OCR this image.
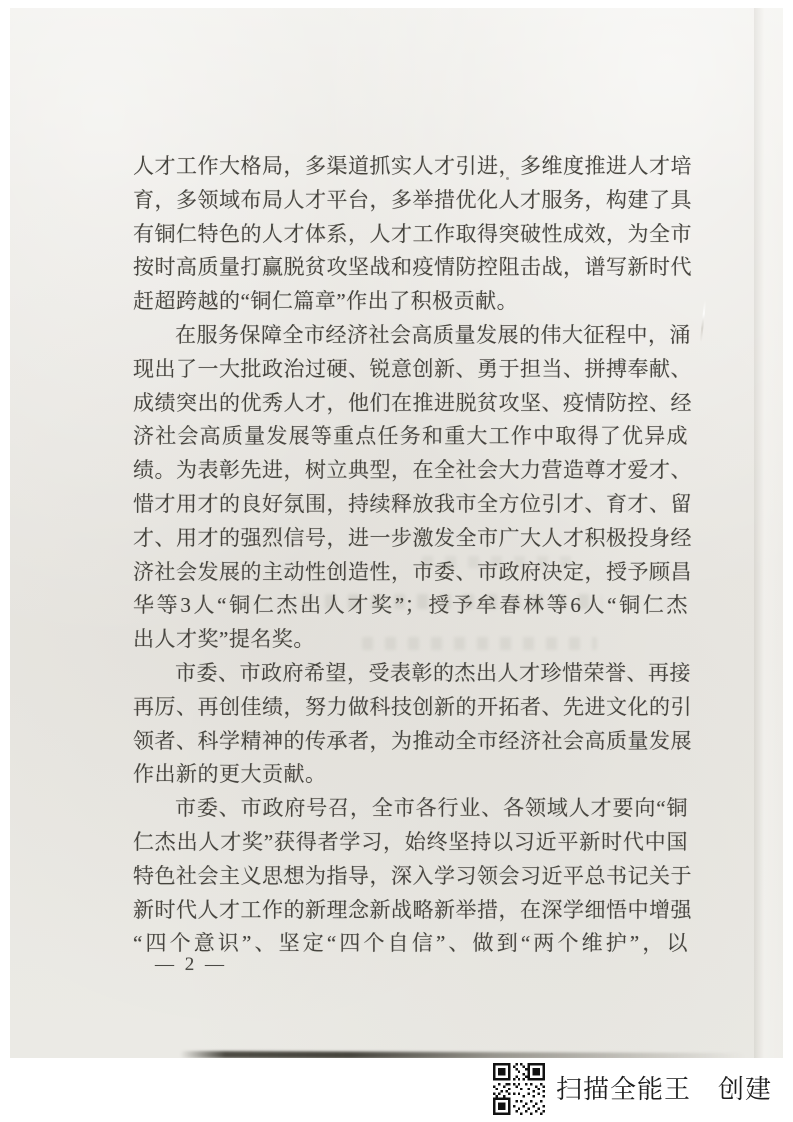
人才工作大格局，多渠道抓实人才引进，多维度推进人才培
育，多领域布局人才平台，多举措优化人才服务，构建了具
有铜仁特色的人才体系，人才工作取得突破性成效，为全市
按时高质量打赢脱贫攻坚战和疫情防控阻击战，谱写新时代
赶超跨越的“铜仁篇章”作出了积极贡献。
在服务保障全市经济社会高质量发展的伟大征程中，涌
现出了一大批政治过硬、锐意创新、勇于担当、拼搏奉献、
成绩突出的优秀人才，他们在推进脱贫攻坚、疫情防控、经
济社会高质量发展等重点任务和重大工作中取得了优异成
绩。为表彰先进，树立典型，在全社会大力营造尊才爱才、
惜才用才的良好氛围，持续释放我市全方位引才、育才、留
才、用才的强烈信号，进一步激发全市广大人才积极投身经
济社会发展的主动性创造性，市委、市政府决定，授予顾昌
华等3人“铜仁杰出人才奖”；授予牟春林等6人“铜仁杰
出人才奖”提名奖。
市委、市政府希望，受表彰的杰出人才珍惜荣誉、再接
再厉、再创佳绩，努力做科技创新的开拓者、先进文化的引
领者、科学精神的传承者，为推动全市经济社会高质量发展
作出新的更大贡献。
市委、市政府号召，全市各行业、各领域人才要向“铜
仁杰出人才奖”获得者学习，始终坚持以习近平新时代中国
特色社会主义思想为指导，深入学习领会习近平总书记关于
新时代人才工作的新理念新战略新举措，在深学细悟中增强
“四个意识”、坚定“四个自信”、做到“两个维护”，以
— 2 —
扫描全能王　创建
